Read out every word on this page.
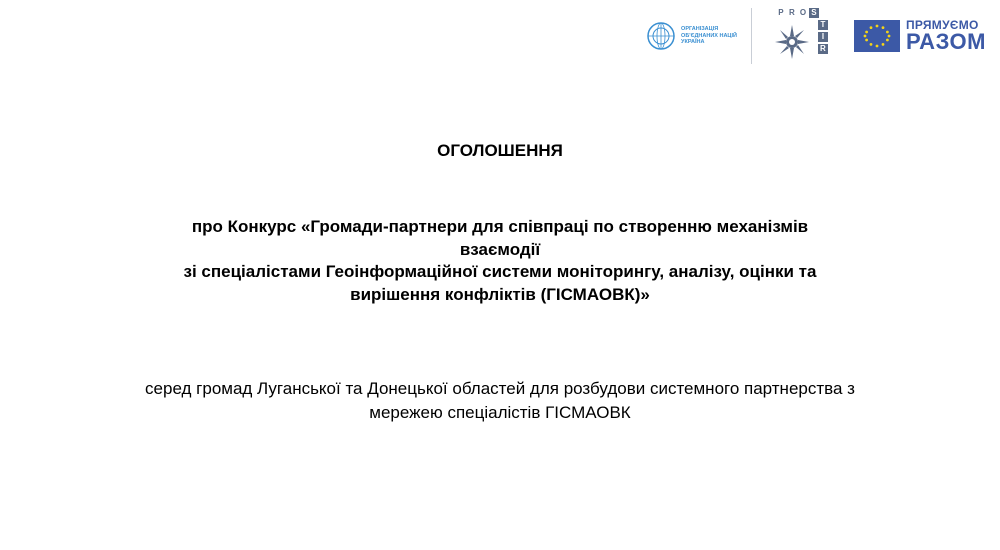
ОРГАНІЗАЦІЯ
ОБ'ЄДНАНИХ НАЦІЙ
УКРАЇНА
P R O S
T
I
R
ПРЯМУЄМО
РАЗОМ
ОГОЛОШЕННЯ
про Конкурс «Громади-партнери для співпраці по створенню механізмів
взаємодії
зі спеціалістами Геоінформаційної системи моніторингу, аналізу, оцінки та
вирішення конфліктів (ГІСМАОВК)»
серед громад Луганської та Донецької областей для розбудови системного партнерства з
мережею спеціалістів ГІСМАОВК
